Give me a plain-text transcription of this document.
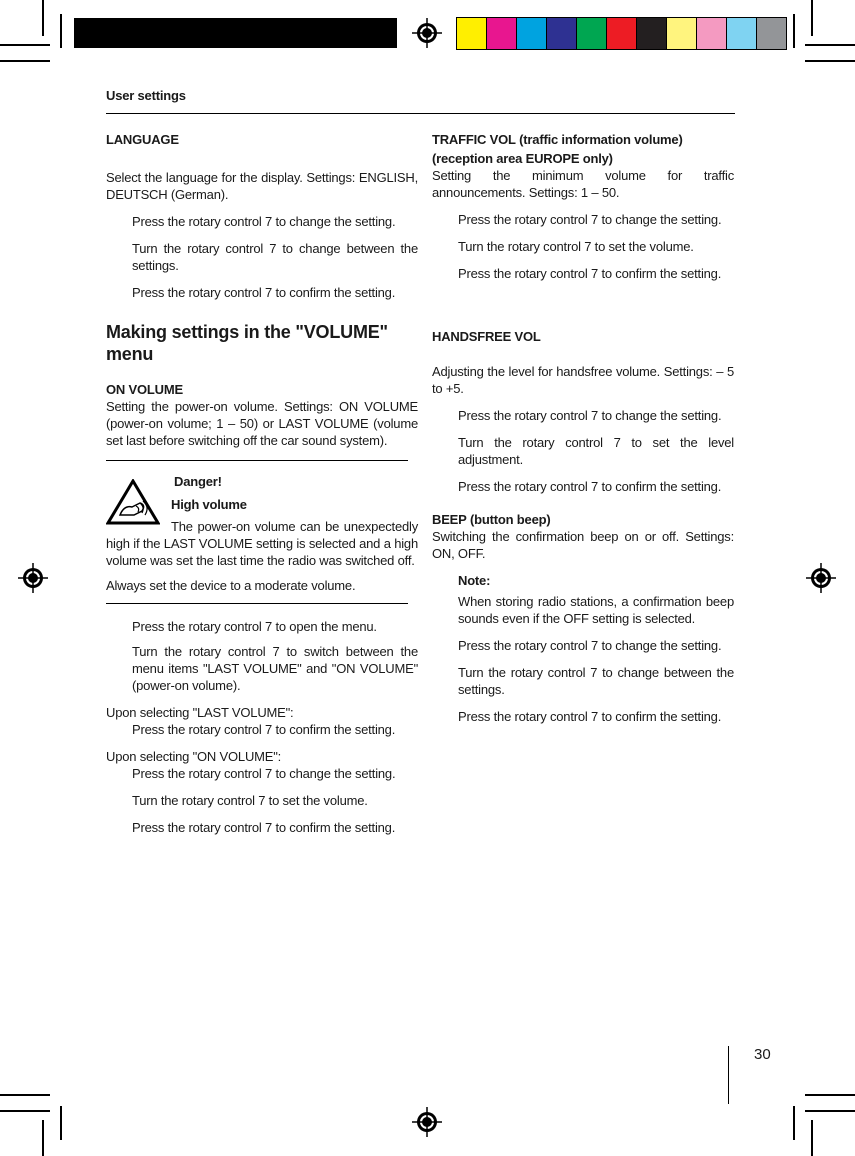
User settings

LANGUAGE

Select the language for the display. Settings: ENGLISH, DEUTSCH (German).

Press the rotary control 7 to change the setting.

Turn the rotary control 7 to change between the settings.

Press the rotary control 7 to confirm the setting.

Making settings in the "VOLUME" menu

ON VOLUME

Setting the power-on volume. Settings: ON VOLUME (power-on volume; 1 – 50) or LAST VOLUME (volume set last before switching off the car sound system).

Danger!

High volume

The power-on volume can be unexpectedly high if the LAST VOLUME setting is selected and a high volume was set the last time the radio was switched off.

Always set the device to a moderate volume.

Press the rotary control 7 to open the menu.

Turn the rotary control 7 to switch between the menu items "LAST VOLUME" and "ON VOLUME" (power-on volume).

Upon selecting "LAST VOLUME":

Press the rotary control 7 to confirm the setting.

Upon selecting "ON VOLUME":

Press the rotary control 7 to change the setting.

Turn the rotary control 7 to set the volume.

Press the rotary control 7 to confirm the setting.

TRAFFIC VOL (traffic information volume)

(reception area EUROPE only)

Setting the minimum volume for traffic announcements. Settings: 1 – 50.

Press the rotary control 7 to change the setting.

Turn the rotary control 7 to set the volume.

Press the rotary control 7 to confirm the setting.

HANDSFREE VOL

Adjusting the level for handsfree volume. Settings: – 5 to +5.

Press the rotary control 7 to change the setting.

Turn the rotary control 7 to set the level adjustment.

Press the rotary control 7 to confirm the setting.

BEEP (button beep)

Switching the confirmation beep on or off. Settings: ON, OFF.

Note:

When storing radio stations, a confirmation beep sounds even if the OFF setting is selected.

Press the rotary control 7 to change the setting.

Turn the rotary control 7 to change between the settings.

Press the rotary control 7 to confirm the setting.

30
